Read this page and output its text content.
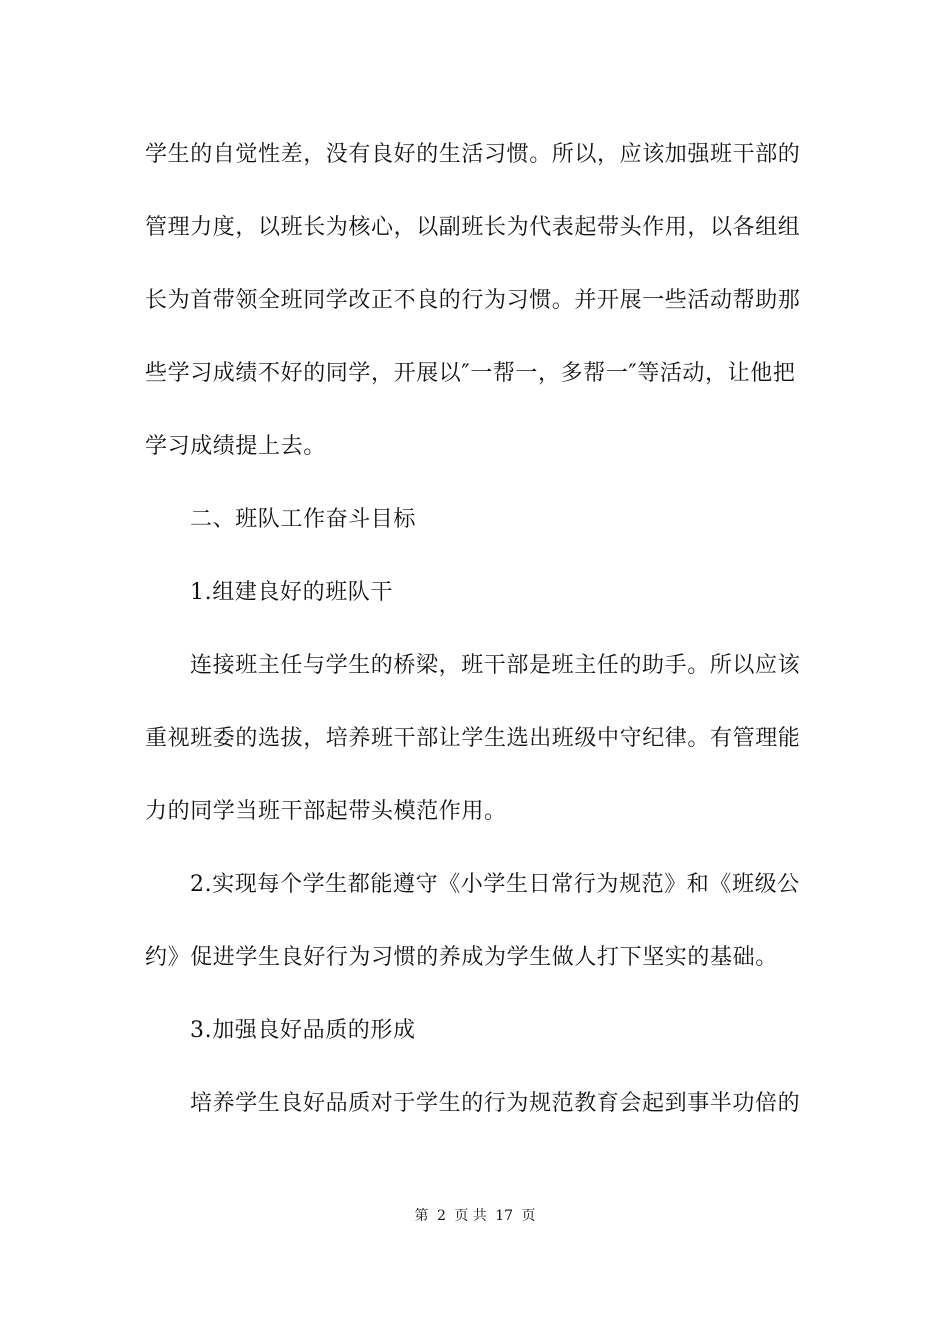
学生的自觉性差，没有良好的生活习惯。所以，应该加强班干部的
管理力度，以班长为核心，以副班长为代表起带头作用，以各组组
长为首带领全班同学改正不良的行为习惯。并开展一些活动帮助那
些学习成绩不好的同学，开展以″一帮一，多帮一″等活动，让他把
学习成绩提上去。
二、班队工作奋斗目标
1.组建良好的班队干
连接班主任与学生的桥梁，班干部是班主任的助手。所以应该
重视班委的选拔，培养班干部让学生选出班级中守纪律。有管理能
力的同学当班干部起带头模范作用。
2.实现每个学生都能遵守《小学生日常行为规范》和《班级公
约》促进学生良好行为习惯的养成为学生做人打下坚实的基础。
3.加强良好品质的形成
培养学生良好品质对于学生的行为规范教育会起到事半功倍的
第 2 页 共 17 页
